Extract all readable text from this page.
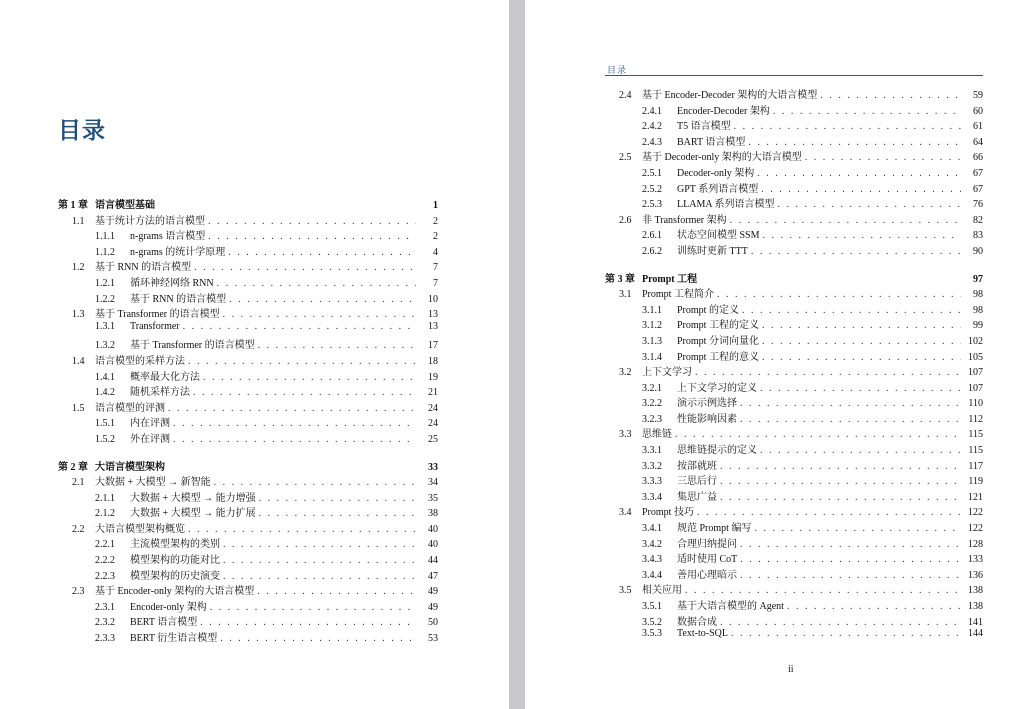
目录
第 1 章 语言模型基础	1
1.1	基于统计方法的语言模型 . . .	2
1.1.1	n-grams 语言模型 . . .	2
1.1.2	n-grams 的统计学原理 . . .	4
1.2	基于 RNN 的语言模型 . . .	7
1.2.1	循环神经网络 RNN . . .	7
1.2.2	基于 RNN 的语言模型 . . .	10
1.3	基于 Transformer 的语言模型 . . .	13
1.3.1	Transformer . . .	13
1.3.2	基于 Transformer 的语言模型 . . .	17
1.4	语言模型的采样方法 . . .	18
1.4.1	概率最大化方法 . . .	19
1.4.2	随机采样方法 . . .	21
1.5	语言模型的评测 . . .	24
1.5.1	内在评测 . . .	24
1.5.2	外在评测 . . .	25
第 2 章 大语言模型架构	33
2.1	大数据 + 大模型 → 新智能 . . .	34
2.1.1	大数据 + 大模型 → 能力增强 . . .	35
2.1.2	大数据 + 大模型 → 能力扩展 . . .	38
2.2	大语言模型架构概览 . . .	40
2.2.1	主流模型架构的类别 . . .	40
2.2.2	模型架构的功能对比 . . .	44
2.2.3	模型架构的历史演变 . . .	47
2.3	基于 Encoder-only 架构的大语言模型 . . .	49
2.3.1	Encoder-only 架构 . . .	49
2.3.2	BERT 语言模型 . . .	50
2.3.3	BERT 衍生语言模型 . . .	53
目录
2.4	基于 Encoder-Decoder 架构的大语言模型 . . .	59
2.4.1	Encoder-Decoder 架构 . . .	60
2.4.2	T5 语言模型 . . .	61
2.4.3	BART 语言模型 . . .	64
2.5	基于 Decoder-only 架构的大语言模型 . . .	66
2.5.1	Decoder-only 架构 . . .	67
2.5.2	GPT 系列语言模型 . . .	67
2.5.3	LLAMA 系列语言模型 . . .	76
2.6	非 Transformer 架构 . . .	82
2.6.1	状态空间模型 SSM . . .	83
2.6.2	训练时更新 TTT . . .	90
第 3 章 Prompt 工程	97
3.1	Prompt 工程简介 . . .	98
3.1.1	Prompt 的定义 . . .	98
3.1.2	Prompt 工程的定义 . . .	99
3.1.3	Prompt 分词向量化 . . .	102
3.1.4	Prompt 工程的意义 . . .	105
3.2	上下文学习 . . .	107
3.2.1	上下文学习的定义 . . .	107
3.2.2	演示示例选择 . . .	110
3.2.3	性能影响因素 . . .	112
3.3	思维链 . . .	115
3.3.1	思维链提示的定义 . . .	115
3.3.2	按部就班 . . .	117
3.3.3	三思后行 . . .	119
3.3.4	集思广益 . . .	121
3.4	Prompt 技巧 . . .	122
3.4.1	规范 Prompt 编写 . . .	122
3.4.2	合理归纳提问 . . .	128
3.4.3	适时使用 CoT . . .	133
3.4.4	善用心理暗示 . . .	136
3.5	相关应用 . . .	138
3.5.1	基于大语言模型的 Agent . . .	138
3.5.2	数据合成 . . .	141
3.5.3	Text-to-SQL . . .	144
ii
